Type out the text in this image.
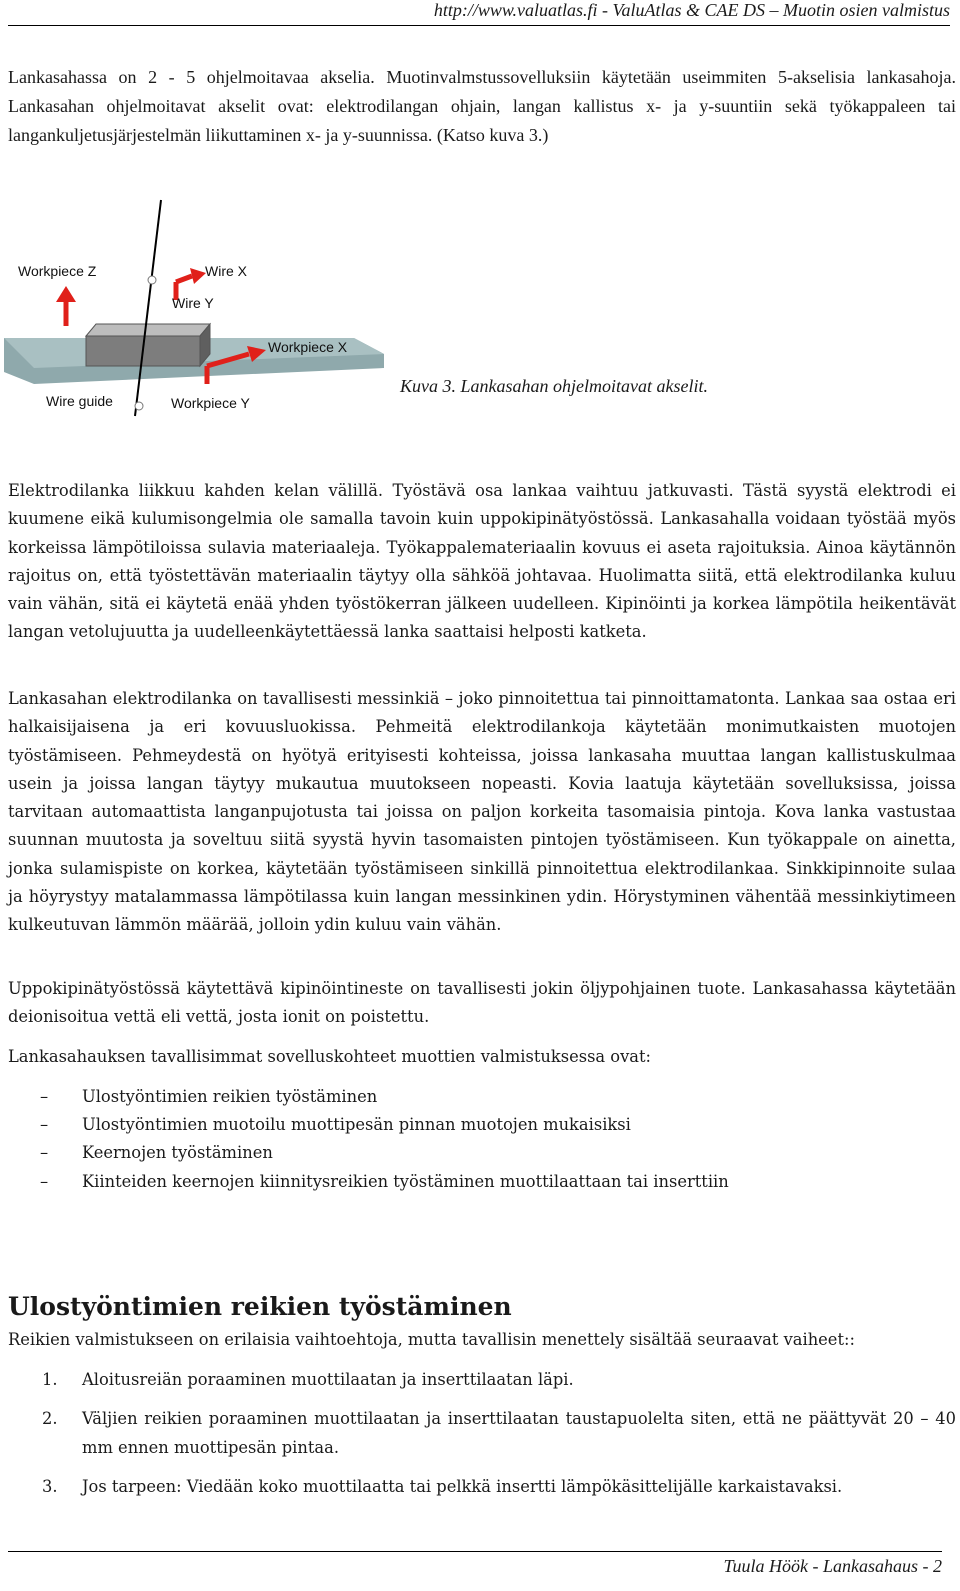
http://www.valuatlas.fi - ValuAtlas & CAE DS – Muotin osien valmistus

Lankasahassa on 2 - 5 ohjelmoitavaa akselia. Muotinvalmstussovelluksiin käytetään useimmiten 5-akselisia lankasahoja. Lankasahan ohjelmoitavat akselit ovat: elektrodilangan ohjain, langan kallistus x- ja y-suuntiin sekä työkappaleen tai langankuljetusjärjestelmän liikuttaminen x- ja y-suunnissa. (Katso kuva 3.)

Workpiece Z	Wire X
Wire Y
Workpiece X
Wire guide	Workpiece Y
Kuva 3. Lankasahan ohjelmoitavat akselit.

Elektrodilanka liikkuu kahden kelan välillä. Työstävä osa lankaa vaihtuu jatkuvasti. Tästä syystä elektrodi ei kuumene eikä kulumisongelmia ole samalla tavoin kuin uppokipinätyöstössä. Lankasahalla voidaan työstää myös korkeissa lämpötiloissa sulavia materiaaleja. Työkappalemateriaalin kovuus ei aseta rajoituksia. Ainoa käytännön rajoitus on, että työstettävän materiaalin täytyy olla sähköä johtavaa. Huolimatta siitä, että elektrodilanka kuluu vain vähän, sitä ei käytetä enää yhden työstökerran jälkeen uudelleen. Kipinöinti ja korkea lämpötila heikentävät langan vetolujuutta ja uudelleenkäytettäessä lanka saattaisi helposti katketa.

Lankasahan elektrodilanka on tavallisesti messinkiä – joko pinnoitettua tai pinnoittamatonta. Lankaa saa ostaa eri halkaisijaisena ja eri kovuusluokissa. Pehmeitä elektrodilankoja käytetään monimutkaisten muotojen työstämiseen. Pehmeydestä on hyötyä erityisesti kohteissa, joissa lankasaha muuttaa langan kallistuskulmaa usein ja joissa langan täytyy mukautua muutokseen nopeasti. Kovia laatuja käytetään sovelluksissa, joissa tarvitaan automaattista langanpujotusta tai joissa on paljon korkeita tasomaisia pintoja. Kova lanka vastustaa suunnan muutosta ja soveltuu siitä syystä hyvin tasomaisten pintojen työstämiseen. Kun työkappale on ainetta, jonka sulamispiste on korkea, käytetään työstämiseen sinkillä pinnoitettua elektrodilankaa. Sinkkipinnoite sulaa ja höyrystyy matalammassa lämpötilassa kuin langan messinkinen ydin. Hörystyminen vähentää messinkiytimeen kulkeutuvan lämmön määrää, jolloin ydin kuluu vain vähän.

Uppokipinätyöstössä käytettävä kipinöintineste on tavallisesti jokin öljypohjainen tuote. Lankasahassa käytetään deionisoitua vettä eli vettä, josta ionit on poistettu.

Lankasahauksen tavallisimmat sovelluskohteet muottien valmistuksessa ovat:

– Ulostyöntimien reikien työstäminen
– Ulostyöntimien muotoilu muottipesän pinnan muotojen mukaisiksi
– Keernojen työstäminen
– Kiinteiden keernojen kiinnitysreikien työstäminen muottilaattaan tai inserttiin
Ulostyöntimien reikien työstäminen

Reikien valmistukseen on erilaisia vaihtoehtoja, mutta tavallisin menettely sisältää seuraavat vaiheet::

1. Aloitusreiän poraaminen muottilaatan ja inserttilaatan läpi.
2. Väljien reikien poraaminen muottilaatan ja inserttilaatan taustapuolelta siten, että ne päättyvät 20 – 40 mm ennen muottipesän pintaa.
3. Jos tarpeen: Viedään koko muottilaatta tai pelkkä insertti lämpökäsittelijälle karkaistavaksi.
Tuula Höök - Lankasahaus - 2
